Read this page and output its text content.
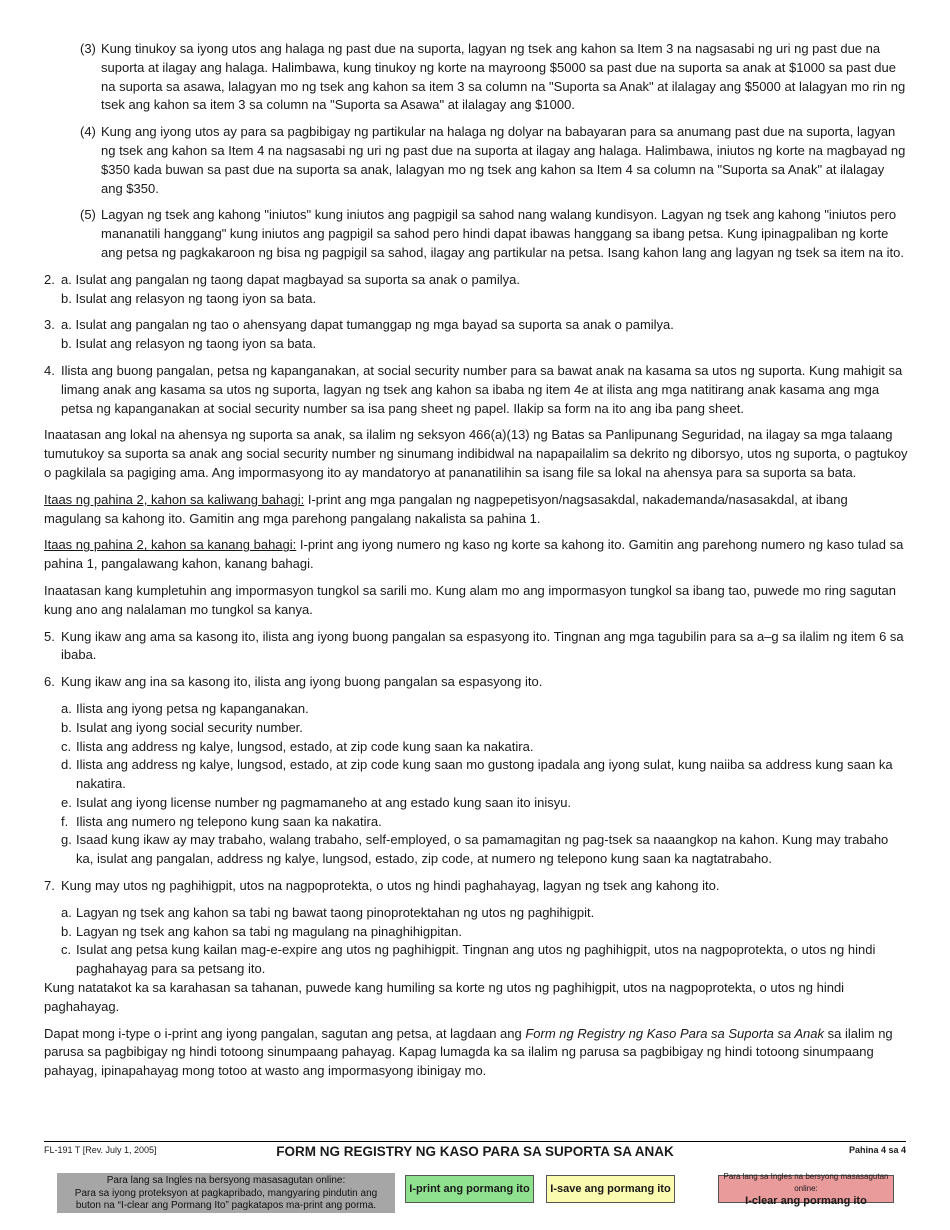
(3) Kung tinukoy sa iyong utos ang halaga ng past due na suporta, lagyan ng tsek ang kahon sa Item 3 na nagsasabi ng uri ng past due na suporta at ilagay ang halaga. Halimbawa, kung tinukoy ng korte na mayroong $5000 sa past due na suporta sa anak at $1000 sa past due na suporta sa asawa, lalagyan mo ng tsek ang kahon sa item 3 sa column na "Suporta sa Anak" at ilalagay ang $5000 at lalagyan mo rin ng tsek ang kahon sa item 3 sa column na "Suporta sa Asawa" at ilalagay ang $1000.
(4) Kung ang iyong utos ay para sa pagbibigay ng partikular na halaga ng dolyar na babayaran para sa anumang past due na suporta, lagyan ng tsek ang kahon sa Item 4 na nagsasabi ng uri ng past due na suporta at ilagay ang halaga. Halimbawa, iniutos ng korte na magbayad ng $350 kada buwan sa past due na suporta sa anak, lalagyan mo ng tsek ang kahon sa Item 4 sa column na "Suporta sa Anak" at ilalagay ang $350.
(5) Lagyan ng tsek ang kahong "iniutos" kung iniutos ang pagpigil sa sahod nang walang kundisyon. Lagyan ng tsek ang kahong "iniutos pero mananatili hanggang" kung iniutos ang pagpigil sa sahod pero hindi dapat ibawas hanggang sa ibang petsa. Kung ipinagpaliban ng korte ang petsa ng pagkakaroon ng bisa ng pagpigil sa sahod, ilagay ang partikular na petsa. Isang kahon lang ang lagyan ng tsek sa item na ito.
2. a. Isulat ang pangalan ng taong dapat magbayad sa suporta sa anak o pamilya.
b. Isulat ang relasyon ng taong iyon sa bata.
3. a. Isulat ang pangalan ng tao o ahensyang dapat tumanggap ng mga bayad sa suporta sa anak o pamilya.
b. Isulat ang relasyon ng taong iyon sa bata.
4. Ilista ang buong pangalan, petsa ng kapanganakan, at social security number para sa bawat anak na kasama sa utos ng suporta. Kung mahigit sa limang anak ang kasama sa utos ng suporta, lagyan ng tsek ang kahon sa ibaba ng item 4e at ilista ang mga natitirang anak kasama ang mga petsa ng kapanganakan at social security number sa isa pang sheet ng papel. Ilakip sa form na ito ang iba pang sheet.

Inaatasan ang lokal na ahensya ng suporta sa anak, sa ilalim ng seksyon 466(a)(13) ng Batas sa Panlipunang Seguridad, na ilagay sa mga talaang tumutukoy sa suporta sa anak ang social security number ng sinumang indibidwal na napapailalim sa dekrito ng diborsyo, utos ng suporta, o pagtukoy o pagkilala sa pagiging ama. Ang impormasyong ito ay mandatoryo at pananatilihin sa isang file sa lokal na ahensya para sa suporta sa bata.

Itaas ng pahina 2, kahon sa kaliwang bahagi: I-print ang mga pangalan ng nagpepetisyon/nagsasakdal, nakademanda/nasasakdal, at ibang magulang sa kahong ito. Gamitin ang mga parehong pangalang nakalista sa pahina 1.

Itaas ng pahina 2, kahon sa kanang bahagi: I-print ang iyong numero ng kaso ng korte sa kahong ito. Gamitin ang parehong numero ng kaso tulad sa pahina 1, pangalawang kahon, kanang bahagi.

Inaatasan kang kumpletuhin ang impormasyon tungkol sa sarili mo. Kung alam mo ang impormasyon tungkol sa ibang tao, puwede mo ring sagutan kung ano ang nalalaman mo tungkol sa kanya.

5. Kung ikaw ang ama sa kasong ito, ilista ang iyong buong pangalan sa espasyong ito. Tingnan ang mga tagubilin para sa a–g sa ilalim ng item 6 sa ibaba.
6. Kung ikaw ang ina sa kasong ito, ilista ang iyong buong pangalan sa espasyong ito.
a. Ilista ang iyong petsa ng kapanganakan.
b. Isulat ang iyong social security number.
c. Ilista ang address ng kalye, lungsod, estado, at zip code kung saan ka nakatira.
d. Ilista ang address ng kalye, lungsod, estado, at zip code kung saan mo gustong ipadala ang iyong sulat, kung naiiba sa address kung saan ka nakatira.
e. Isulat ang iyong license number ng pagmamaneho at ang estado kung saan ito inisyu.
f. Ilista ang numero ng telepono kung saan ka nakatira.
g. Isaad kung ikaw ay may trabaho, walang trabaho, self-employed, o sa pamamagitan ng pag-tsek sa naaangkop na kahon. Kung may trabaho ka, isulat ang pangalan, address ng kalye, lungsod, estado, zip code, at numero ng telepono kung saan ka nagtatrabaho.
7. Kung may utos ng paghihigpit, utos na nagpoprotekta, o utos ng hindi paghahayag, lagyan ng tsek ang kahong ito.
a. Lagyan ng tsek ang kahon sa tabi ng bawat taong pinoprotektahan ng utos ng paghihigpit.
b. Lagyan ng tsek ang kahon sa tabi ng magulang na pinaghihigpitan.
c. Isulat ang petsa kung kailan mag-e-expire ang utos ng paghihigpit. Tingnan ang utos ng paghihigpit, utos na nagpoprotekta, o utos ng hindi paghahayag para sa petsang ito.

Kung natatakot ka sa karahasan sa tahanan, puwede kang humiling sa korte ng utos ng paghihigpit, utos na nagpoprotekta, o utos ng hindi paghahayag.

Dapat mong i-type o i-print ang iyong pangalan, sagutan ang petsa, at lagdaan ang Form ng Registry ng Kaso Para sa Suporta sa Anak sa ilalim ng parusa sa pagbibigay ng hindi totoong sinumpaang pahayag. Kapag lumagda ka sa ilalim ng parusa sa pagbibigay ng hindi totoong sinumpaang pahayag, ipinapahayag mong totoo at wasto ang impormasyong ibinigay mo.

FL-191 T [Rev. July 1, 2005]	FORM NG REGISTRY NG KASO PARA SA SUPORTA SA ANAK	Pahina 4 sa 4
Para lang sa Ingles na bersyong masasagutan online:
Para sa iyong proteksyon at pagkapribado, mangyaring pindutin ang
buton na “I-clear ang Pormang Ito” pagkatapos ma-print ang porma.
I-print ang pormang ito	I-save ang pormang ito
Para lang sa Ingles na bersyong masasagutan online:
I-clear ang pormang ito
